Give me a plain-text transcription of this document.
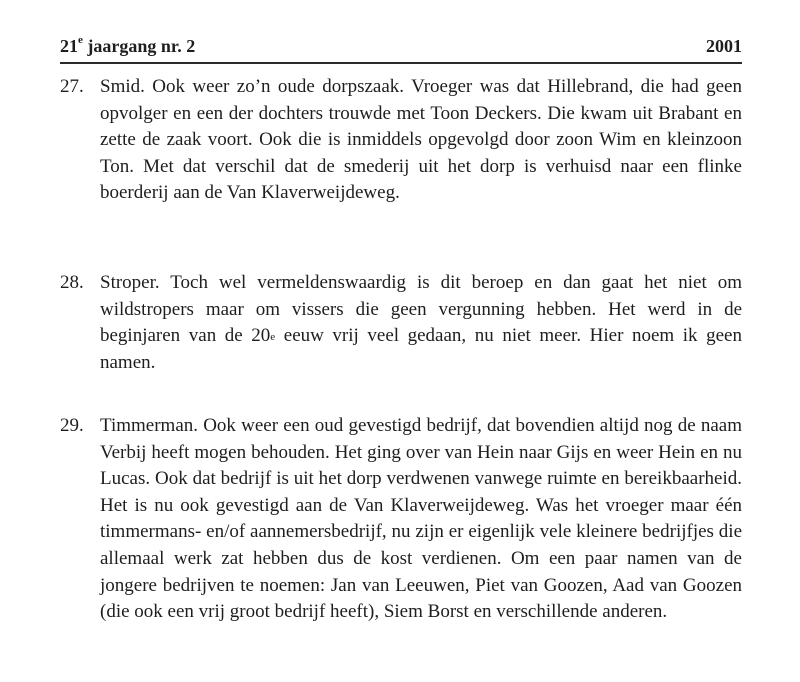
21e jaargang nr. 2	2001
27. Smid. Ook weer zo’n oude dorpszaak. Vroeger was dat Hillebrand, die had geen opvolger en een der dochters trouwde met Toon Deckers. Die kwam uit Brabant en zette de zaak voort. Ook die is inmiddels opgevolgd door zoon Wim en kleinzoon Ton. Met dat verschil dat de smederij uit het dorp is verhuisd naar een flinke boerderij aan de Van Klaverweijdeweg.
28. Stroper. Toch wel vermeldenswaardig is dit beroep en dan gaat het niet om wildstropers maar om vissers die geen vergunning hebben. Het werd in de beginjaren van de 20e eeuw vrij veel gedaan, nu niet meer. Hier noem ik geen namen.
29. Timmerman. Ook weer een oud gevestigd bedrijf, dat bovendien altijd nog de naam Verbij heeft mogen behouden. Het ging over van Hein naar Gijs en weer Hein en nu Lucas. Ook dat bedrijf is uit het dorp verdwenen vanwege ruimte en bereikbaarheid. Het is nu ook gevestigd aan de Van Klaverweijdeweg. Was het vroeger maar één timmermans- en/of aannemersbedrijf, nu zijn er eigenlijk vele kleinere bedrijfjes die allemaal werk zat hebben dus de kost verdienen. Om een paar namen van de jongere bedrijven te noemen: Jan van Leeuwen, Piet van Goozen, Aad van Goozen (die ook een vrij groot bedrijf heeft), Siem Borst en verschillende anderen.
